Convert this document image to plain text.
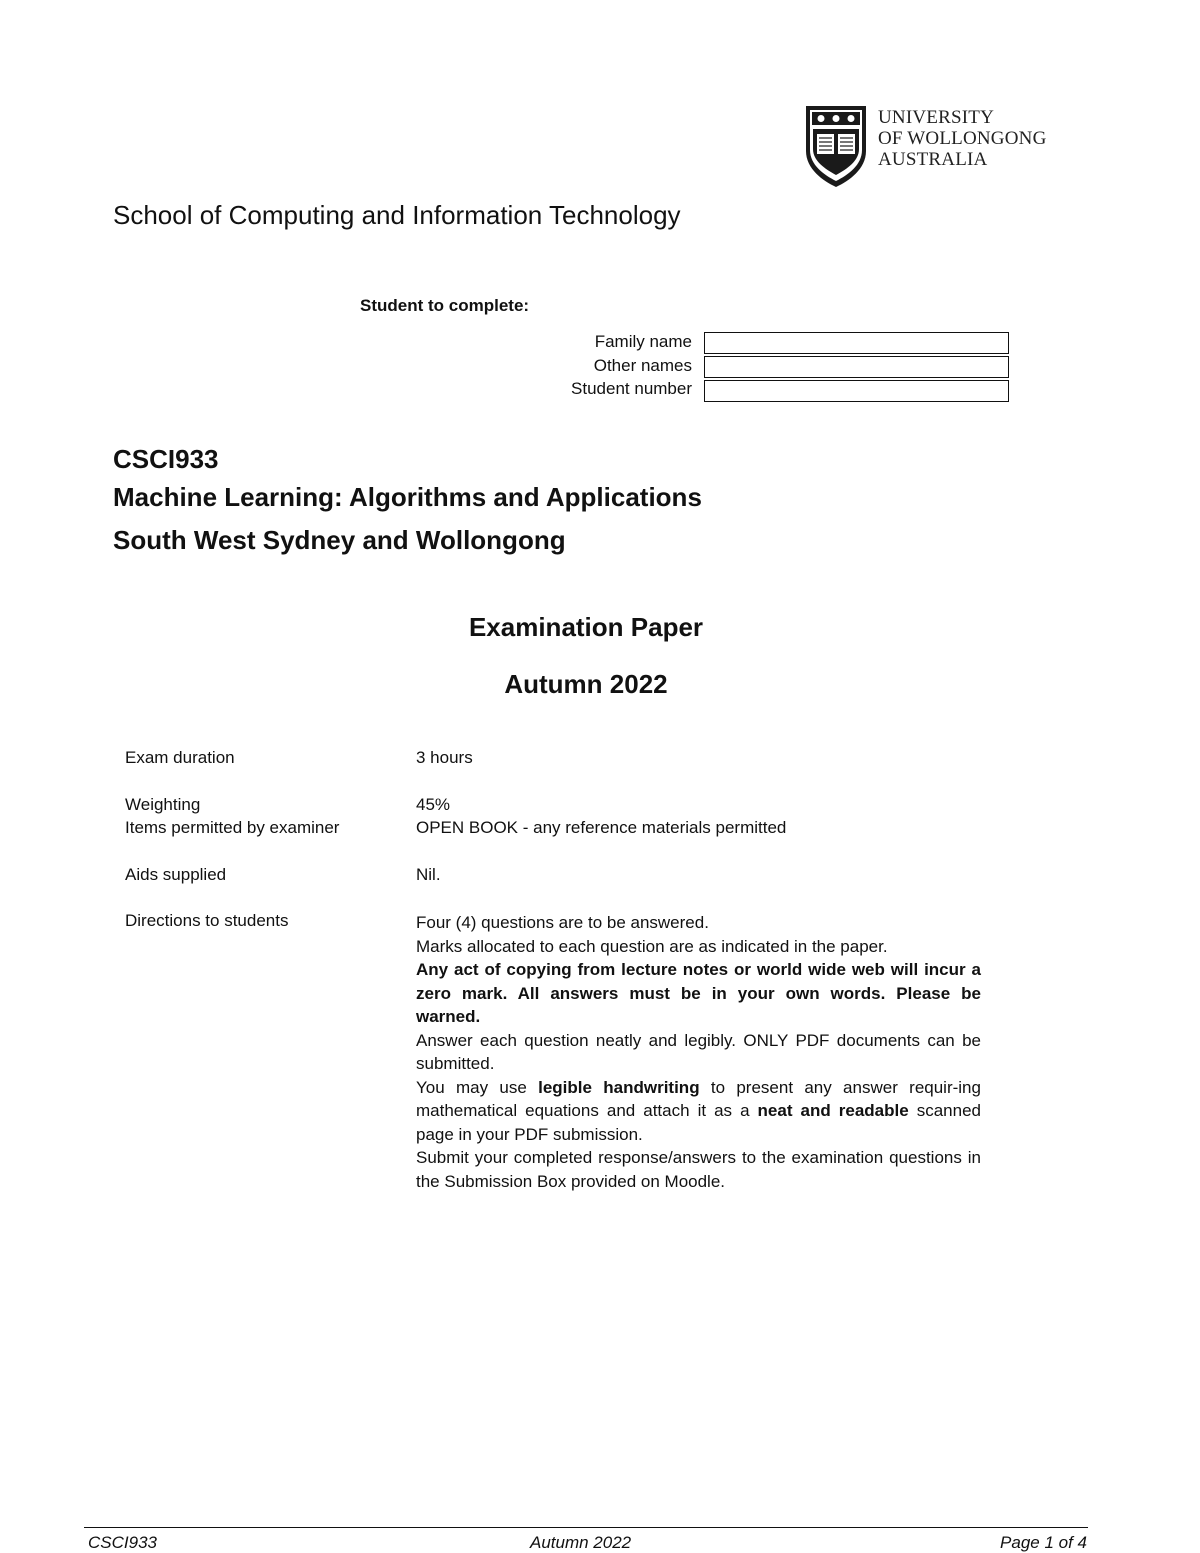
UNIVERSITY
OF WOLLONGONG
AUSTRALIA
School of Computing and Information Technology
Student to complete:
Family name
Other names
Student number
CSCI933
Machine Learning: Algorithms and Applications
South West Sydney and Wollongong
Examination Paper
Autumn 2022
Exam duration	3 hours
Weighting	45%
Items permitted by examiner	OPEN BOOK - any reference materials permitted
Aids supplied	Nil.
Directions to students	Four (4) questions are to be answered.

Marks allocated to each question are as indicated in the paper.

Any act of copying from lecture notes or world wide web will incur a zero mark. All answers must be in your own words. Please be warned.

Answer each question neatly and legibly. ONLY PDF documents can be submitted.

You may use legible handwriting to present any answer requir-ing mathematical equations and attach it as a neat and readable scanned page in your PDF submission.

Submit your completed response/answers to the examination questions in the Submission Box provided on Moodle.

CSCI933	Autumn 2022	Page 1 of 4
